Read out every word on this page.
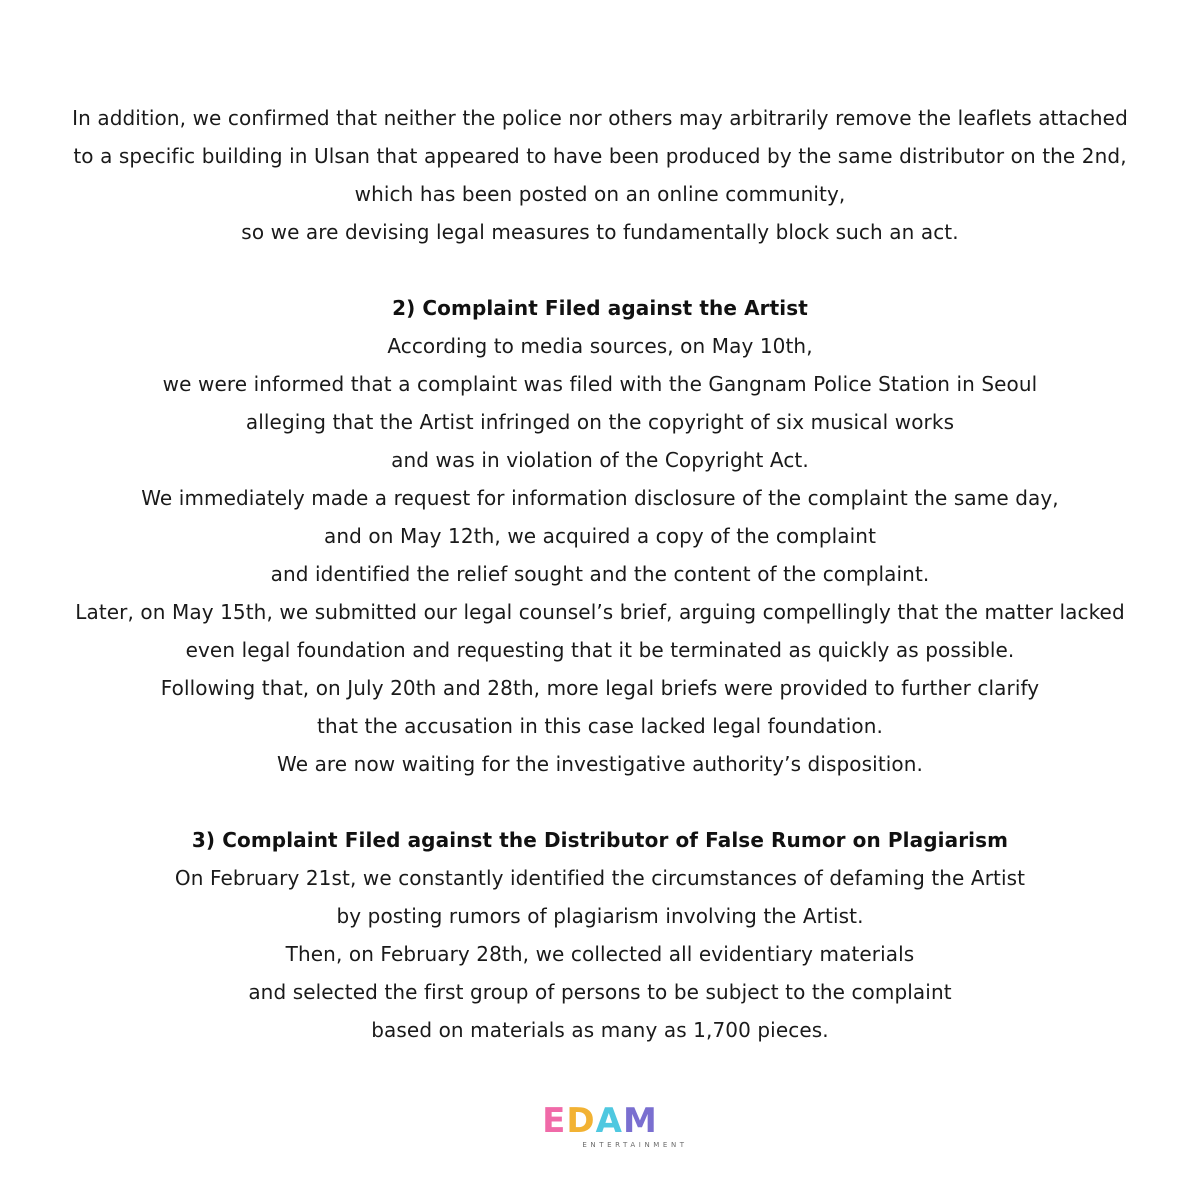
In addition, we confirmed that neither the police nor others may arbitrarily remove the leaflets attached
to a specific building in Ulsan that appeared to have been produced by the same distributor on the 2nd,
which has been posted on an online community,
so we are devising legal measures to fundamentally block such an act.
2) Complaint Filed against the Artist
According to media sources, on May 10th,
we were informed that a complaint was filed with the Gangnam Police Station in Seoul
alleging that the Artist infringed on the copyright of six musical works
and was in violation of the Copyright Act.
We immediately made a request for information disclosure of the complaint the same day,
and on May 12th, we acquired a copy of the complaint
and identified the relief sought and the content of the complaint.
Later, on May 15th, we submitted our legal counsel’s brief, arguing compellingly that the matter lacked
even legal foundation and requesting that it be terminated as quickly as possible.
Following that, on July 20th and 28th, more legal briefs were provided to further clarify
that the accusation in this case lacked legal foundation.
We are now waiting for the investigative authority’s disposition.
3) Complaint Filed against the Distributor of False Rumor on Plagiarism
On February 21st, we constantly identified the circumstances of defaming the Artist
by posting rumors of plagiarism involving the Artist.
Then, on February 28th, we collected all evidentiary materials
and selected the first group of persons to be subject to the complaint
based on materials as many as 1,700 pieces.
EDAM
ENTERTAINMENT
